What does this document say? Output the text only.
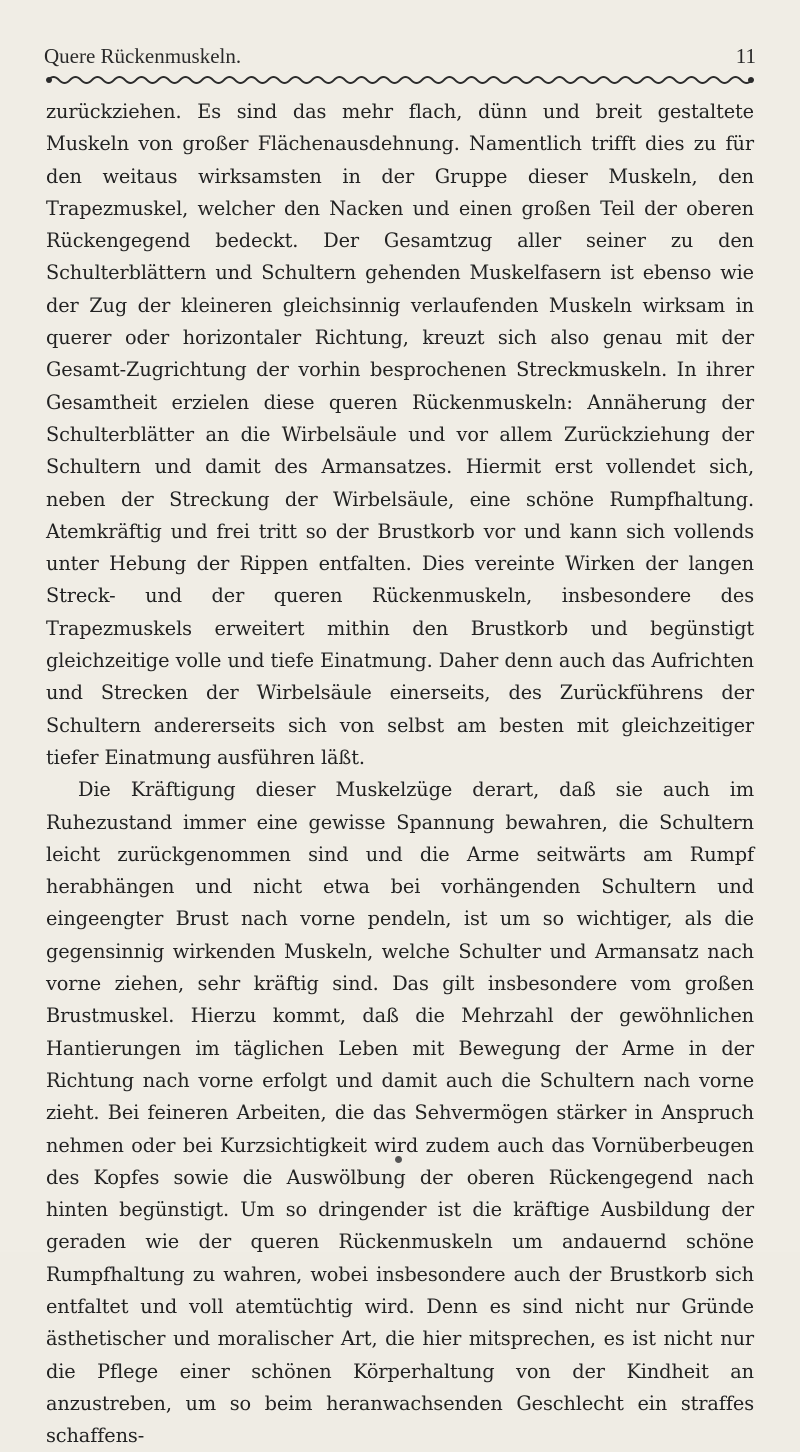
Quere Rückenmuskeln.	11

zurückziehen. Es sind das mehr flach, dünn und breit gestaltete Muskeln von großer Flächenausdehnung. Namentlich trifft dies zu für den weitaus wirksamsten in der Gruppe dieser Muskeln, den Trapezmuskel, welcher den Nacken und einen großen Teil der oberen Rückengegend bedeckt. Der Gesamtzug aller seiner zu den Schulterblättern und Schultern gehenden Muskelfasern ist ebenso wie der Zug der kleineren gleichsinnig verlaufenden Muskeln wirksam in querer oder horizontaler Richtung, kreuzt sich also genau mit der Gesamt-Zugrichtung der vorhin besprochenen Streckmuskeln. In ihrer Gesamtheit erzielen diese queren Rückenmuskeln: Annäherung der Schulterblätter an die Wirbelsäule und vor allem Zurückziehung der Schultern und damit des Armansatzes. Hiermit erst vollendet sich, neben der Streckung der Wirbelsäule, eine schöne Rumpfhaltung. Atemkräftig und frei tritt so der Brustkorb vor und kann sich vollends unter Hebung der Rippen entfalten. Dies vereinte Wirken der langen Streck- und der queren Rückenmuskeln, insbesondere des Trapezmuskels erweitert mithin den Brustkorb und begünstigt gleichzeitige volle und tiefe Einatmung. Daher denn auch das Aufrichten und Strecken der Wirbelsäule einerseits, des Zurückführens der Schultern andererseits sich von selbst am besten mit gleichzeitiger tiefer Einatmung ausführen läßt.

Die Kräftigung dieser Muskelzüge derart, daß sie auch im Ruhezustand immer eine gewisse Spannung bewahren, die Schultern leicht zurückgenommen sind und die Arme seitwärts am Rumpf herabhängen und nicht etwa bei vorhängenden Schultern und eingeengter Brust nach vorne pendeln, ist um so wichtiger, als die gegensinnig wirkenden Muskeln, welche Schulter und Armansatz nach vorne ziehen, sehr kräftig sind. Das gilt insbesondere vom großen Brustmuskel. Hierzu kommt, daß die Mehrzahl der gewöhnlichen Hantierungen im täglichen Leben mit Bewegung der Arme in der Richtung nach vorne erfolgt und damit auch die Schultern nach vorne zieht. Bei feineren Arbeiten, die das Sehvermögen stärker in Anspruch nehmen oder bei Kurzsichtigkeit wird zudem auch das Vornüberbeugen des Kopfes sowie die Auswölbung der oberen Rückengegend nach hinten begünstigt. Um so dringender ist die kräftige Ausbildung der geraden wie der queren Rückenmuskeln um andauernd schöne Rumpfhaltung zu wahren, wobei insbesondere auch der Brustkorb sich entfaltet und voll atemtüchtig wird. Denn es sind nicht nur Gründe ästhetischer und moralischer Art, die hier mitsprechen, es ist nicht nur die Pflege einer schönen Körperhaltung von der Kindheit an anzustreben, um so beim heranwachsenden Geschlecht ein straffes schaffens-
